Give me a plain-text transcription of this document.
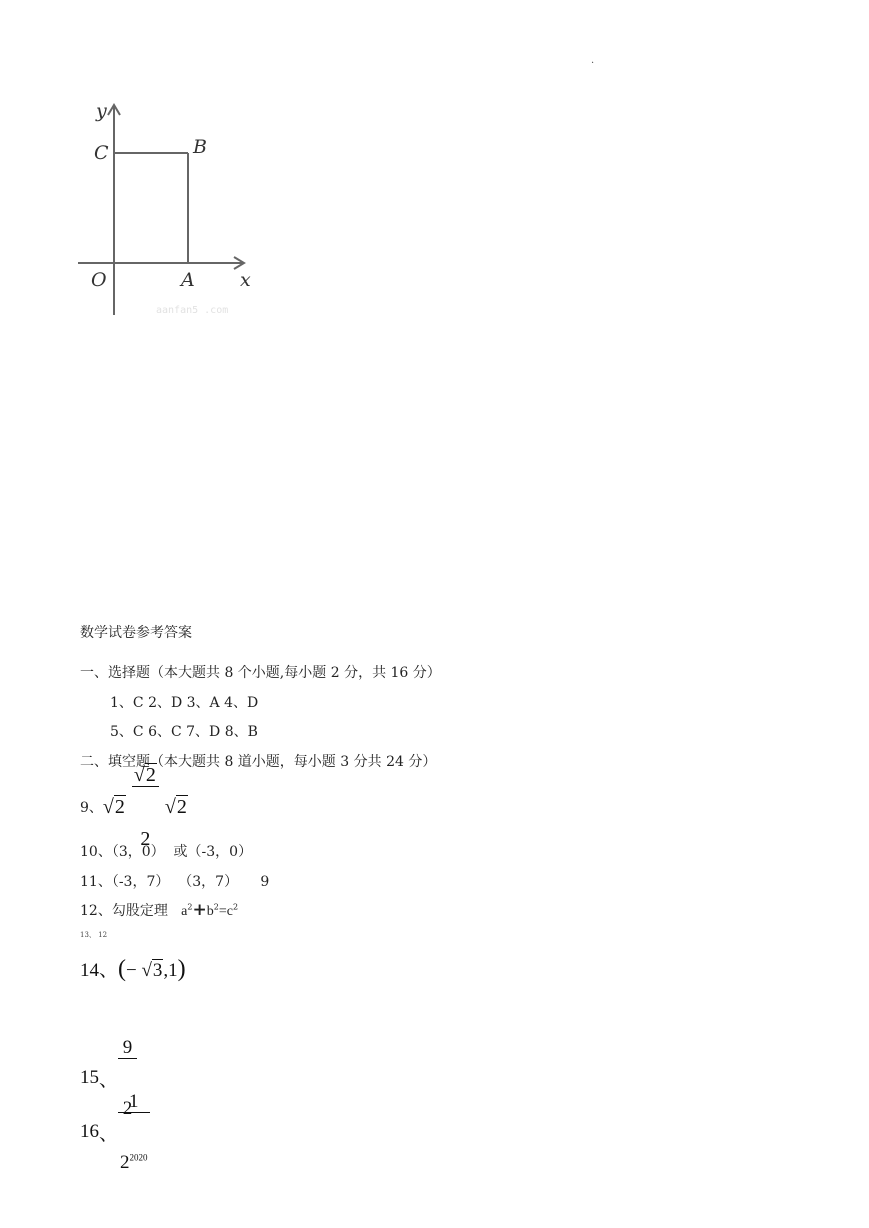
·
y
C	B
O	A x
aanfan5 .com
数学试卷参考答案
一、选择题（本大题共 8 个小题,每小题 2 分，共 16 分）
1、C 2、D 3、A 4、D
5、C 6、C 7、D 8、B
二、填空题（本大题共 8 道小题，每小题 3 分共 24 分）
9、 √2

$\frac{√2}{2}$

√2
10、（3，0）  或（-3，0）
11、（-3，7）  （3，7）     9
12、勾股定理   $a^2+b^2=c^2$
13、 12
14、(− √3,1)
15 、

$\frac{9}{2}$

16 、

$\frac{1}{2^{2020}}$
